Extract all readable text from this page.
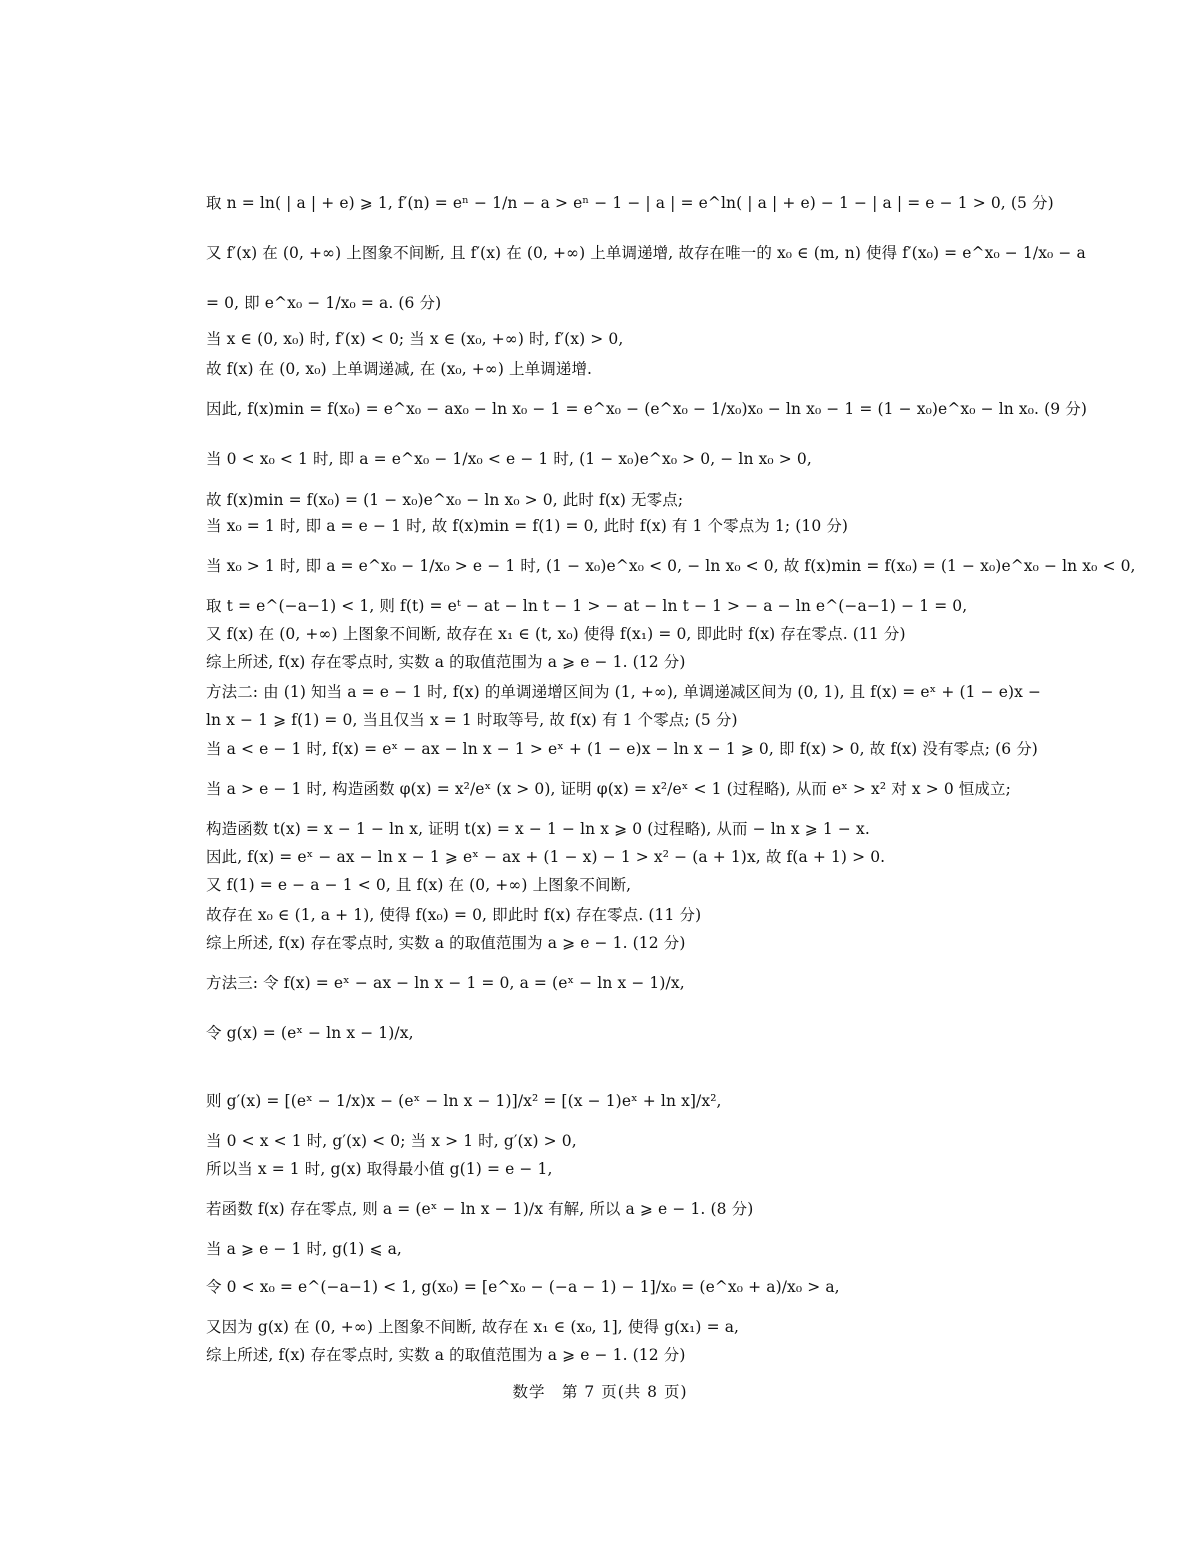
取 n = ln( | a | + e) ⩾ 1, f′(n) = eⁿ − 1/n − a > eⁿ − 1 − | a | = e^ln( | a | + e) − 1 − | a | = e − 1 > 0, (5 分)
又 f′(x) 在 (0, +∞) 上图象不间断, 且 f′(x) 在 (0, +∞) 上单调递增, 故存在唯一的 x₀ ∈ (m, n) 使得 f′(x₀) = e^x₀ − 1/x₀ − a
= 0, 即 e^x₀ − 1/x₀ = a. (6 分)
当 x ∈ (0, x₀) 时, f′(x) < 0; 当 x ∈ (x₀, +∞) 时, f′(x) > 0,
故 f(x) 在 (0, x₀) 上单调递减, 在 (x₀, +∞) 上单调递增.
因此, f(x)min = f(x₀) = e^x₀ − ax₀ − ln x₀ − 1 = e^x₀ − (e^x₀ − 1/x₀)x₀ − ln x₀ − 1 = (1 − x₀)e^x₀ − ln x₀. (9 分)
当 0 < x₀ < 1 时, 即 a = e^x₀ − 1/x₀ < e − 1 时, (1 − x₀)e^x₀ > 0, − ln x₀ > 0,
故 f(x)min = f(x₀) = (1 − x₀)e^x₀ − ln x₀ > 0, 此时 f(x) 无零点;
当 x₀ = 1 时, 即 a = e − 1 时, 故 f(x)min = f(1) = 0, 此时 f(x) 有 1 个零点为 1; (10 分)
当 x₀ > 1 时, 即 a = e^x₀ − 1/x₀ > e − 1 时, (1 − x₀)e^x₀ < 0, − ln x₀ < 0, 故 f(x)min = f(x₀) = (1 − x₀)e^x₀ − ln x₀ < 0,
取 t = e^(−a−1) < 1, 则 f(t) = eᵗ − at − ln t − 1 > − at − ln t − 1 > − a − ln e^(−a−1) − 1 = 0,
又 f(x) 在 (0, +∞) 上图象不间断, 故存在 x₁ ∈ (t, x₀) 使得 f(x₁) = 0, 即此时 f(x) 存在零点. (11 分)
综上所述, f(x) 存在零点时, 实数 a 的取值范围为 a ⩾ e − 1. (12 分)
方法二: 由 (1) 知当 a = e − 1 时, f(x) 的单调递增区间为 (1, +∞), 单调递减区间为 (0, 1), 且 f(x) = eˣ + (1 − e)x −
ln x − 1 ⩾ f(1) = 0, 当且仅当 x = 1 时取等号, 故 f(x) 有 1 个零点; (5 分)
当 a < e − 1 时, f(x) = eˣ − ax − ln x − 1 > eˣ + (1 − e)x − ln x − 1 ⩾ 0, 即 f(x) > 0, 故 f(x) 没有零点; (6 分)
当 a > e − 1 时, 构造函数 φ(x) = x²/eˣ (x > 0), 证明 φ(x) = x²/eˣ < 1 (过程略), 从而 eˣ > x² 对 x > 0 恒成立;
构造函数 t(x) = x − 1 − ln x, 证明 t(x) = x − 1 − ln x ⩾ 0 (过程略), 从而 − ln x ⩾ 1 − x.
因此, f(x) = eˣ − ax − ln x − 1 ⩾ eˣ − ax + (1 − x) − 1 > x² − (a + 1)x, 故 f(a + 1) > 0.
又 f(1) = e − a − 1 < 0, 且 f(x) 在 (0, +∞) 上图象不间断,
故存在 x₀ ∈ (1, a + 1), 使得 f(x₀) = 0, 即此时 f(x) 存在零点. (11 分)
综上所述, f(x) 存在零点时, 实数 a 的取值范围为 a ⩾ e − 1. (12 分)
方法三: 令 f(x) = eˣ − ax − ln x − 1 = 0, a = (eˣ − ln x − 1)/x,
令 g(x) = (eˣ − ln x − 1)/x,
则 g′(x) = [(eˣ − 1/x)x − (eˣ − ln x − 1)]/x² = [(x − 1)eˣ + ln x]/x²,
当 0 < x < 1 时, g′(x) < 0; 当 x > 1 时, g′(x) > 0,
所以当 x = 1 时, g(x) 取得最小值 g(1) = e − 1,
若函数 f(x) 存在零点, 则 a = (eˣ − ln x − 1)/x 有解, 所以 a ⩾ e − 1. (8 分)
当 a ⩾ e − 1 时, g(1) ⩽ a,
令 0 < x₀ = e^(−a−1) < 1, g(x₀) = [e^x₀ − (−a − 1) − 1]/x₀ = (e^x₀ + a)/x₀ > a,
又因为 g(x) 在 (0, +∞) 上图象不间断, 故存在 x₁ ∈ (x₀, 1], 使得 g(x₁) = a,
综上所述, f(x) 存在零点时, 实数 a 的取值范围为 a ⩾ e − 1. (12 分)
数学　第 7 页(共 8 页)
